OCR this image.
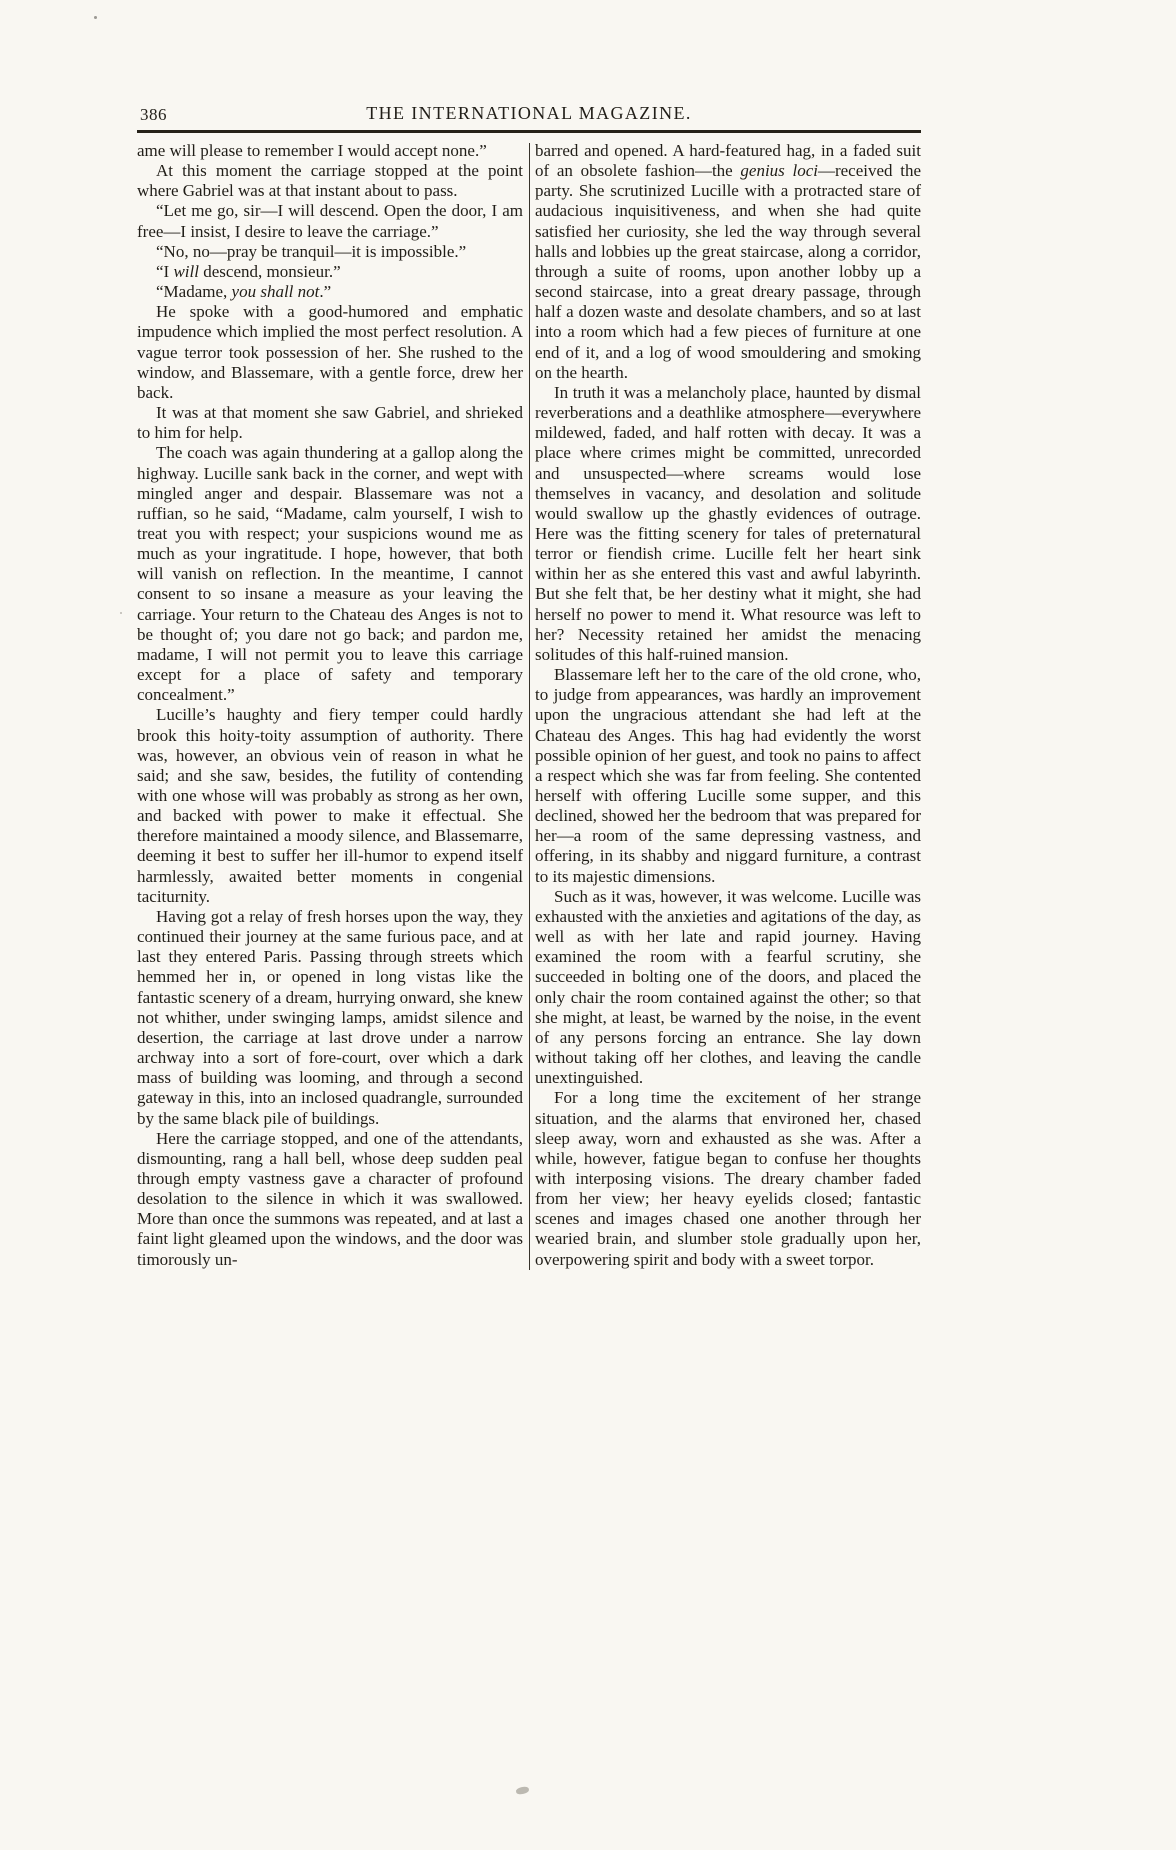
386	THE INTERNATIONAL MAGAZINE.

ame will please to remember I would accept none.”

At this moment the carriage stopped at the point where Gabriel was at that instant about to pass.

“Let me go, sir—I will descend. Open the door, I am free—I insist, I desire to leave the carriage.”

“No, no—pray be tranquil—it is impossible.”

“I will descend, monsieur.”

“Madame, you shall not.”

He spoke with a good-humored and emphatic impudence which implied the most perfect resolution. A vague terror took possession of her. She rushed to the window, and Blassemare, with a gentle force, drew her back.

It was at that moment she saw Gabriel, and shrieked to him for help.

The coach was again thundering at a gallop along the highway. Lucille sank back in the corner, and wept with mingled anger and despair. Blassemare was not a ruffian, so he said, “Madame, calm yourself, I wish to treat you with respect; your suspicions wound me as much as your ingratitude. I hope, however, that both will vanish on reflection. In the meantime, I cannot consent to so insane a measure as your leaving the carriage. Your return to the Chateau des Anges is not to be thought of; you dare not go back; and pardon me, madame, I will not permit you to leave this carriage except for a place of safety and temporary concealment.”

Lucille’s haughty and fiery temper could hardly brook this hoity-toity assumption of authority. There was, however, an obvious vein of reason in what he said; and she saw, besides, the futility of contending with one whose will was probably as strong as her own, and backed with power to make it effectual. She therefore maintained a moody silence, and Blassemarre, deeming it best to suffer her ill-humor to expend itself harmlessly, awaited better moments in congenial taciturnity.

Having got a relay of fresh horses upon the way, they continued their journey at the same furious pace, and at last they entered Paris. Passing through streets which hemmed her in, or opened in long vistas like the fantastic scenery of a dream, hurrying onward, she knew not whither, under swinging lamps, amidst silence and desertion, the carriage at last drove under a narrow archway into a sort of fore-court, over which a dark mass of building was looming, and through a second gateway in this, into an inclosed quadrangle, surrounded by the same black pile of buildings.

Here the carriage stopped, and one of the attendants, dismounting, rang a hall bell, whose deep sudden peal through empty vastness gave a character of profound desolation to the silence in which it was swallowed. More than once the summons was repeated, and at last a faint light gleamed upon the windows, and the door was timorously un-

barred and opened. A hard-featured hag, in a faded suit of an obsolete fashion—the genius loci—received the party. She scrutinized Lucille with a protracted stare of audacious inquisitiveness, and when she had quite satisfied her curiosity, she led the way through several halls and lobbies up the great staircase, along a corridor, through a suite of rooms, upon another lobby up a second staircase, into a great dreary passage, through half a dozen waste and desolate chambers, and so at last into a room which had a few pieces of furniture at one end of it, and a log of wood smouldering and smoking on the hearth.

In truth it was a melancholy place, haunted by dismal reverberations and a deathlike atmosphere—everywhere mildewed, faded, and half rotten with decay. It was a place where crimes might be committed, unrecorded and unsuspected—where screams would lose themselves in vacancy, and desolation and solitude would swallow up the ghastly evidences of outrage. Here was the fitting scenery for tales of preternatural terror or fiendish crime. Lucille felt her heart sink within her as she entered this vast and awful labyrinth. But she felt that, be her destiny what it might, she had herself no power to mend it. What resource was left to her? Necessity retained her amidst the menacing solitudes of this half-ruined mansion.

Blassemare left her to the care of the old crone, who, to judge from appearances, was hardly an improvement upon the ungracious attendant she had left at the Chateau des Anges. This hag had evidently the worst possible opinion of her guest, and took no pains to affect a respect which she was far from feeling. She contented herself with offering Lucille some supper, and this declined, showed her the bedroom that was prepared for her—a room of the same depressing vastness, and offering, in its shabby and niggard furniture, a contrast to its majestic dimensions.

Such as it was, however, it was welcome. Lucille was exhausted with the anxieties and agitations of the day, as well as with her late and rapid journey. Having examined the room with a fearful scrutiny, she succeeded in bolting one of the doors, and placed the only chair the room contained against the other; so that she might, at least, be warned by the noise, in the event of any persons forcing an entrance. She lay down without taking off her clothes, and leaving the candle unextinguished.

For a long time the excitement of her strange situation, and the alarms that environed her, chased sleep away, worn and exhausted as she was. After a while, however, fatigue began to confuse her thoughts with interposing visions. The dreary chamber faded from her view; her heavy eyelids closed; fantastic scenes and images chased one another through her wearied brain, and slumber stole gradually upon her, overpowering spirit and body with a sweet torpor.
